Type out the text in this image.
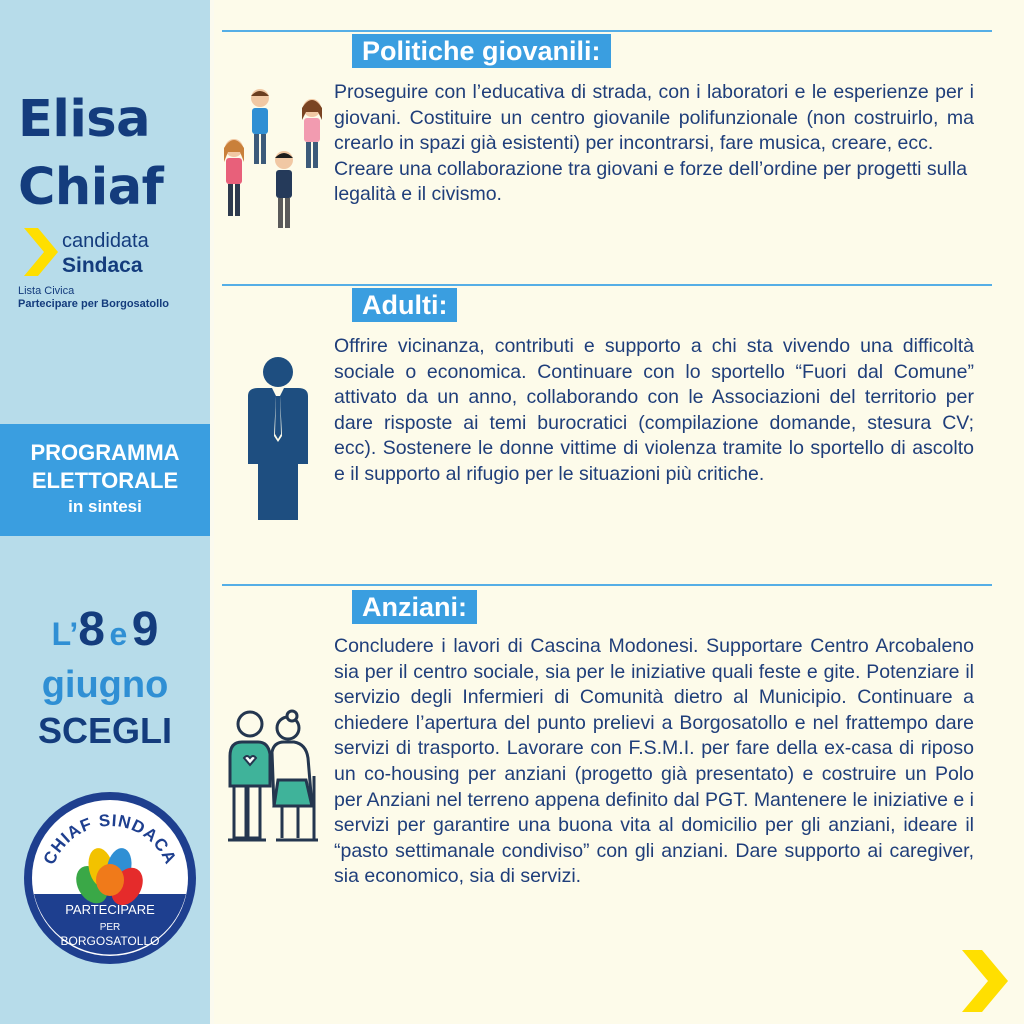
Elisa
Chiaf
candidata
Sindaca
Lista Civica
Partecipare per Borgosatollo
PROGRAMMA
ELETTORALE
in sintesi
L’8 e 9
giugno
SCEGLI
CHIAF SINDACA
PARTECIPARE
PER
BORGOSATOLLO
Politiche giovanili:

Proseguire con l’educativa di strada, con i laboratori e le esperienze per i giovani. Costituire un centro giovanile polifunzionale (non costruirlo, ma crearlo in spazi già esistenti) per incontrarsi, fare musica, creare, ecc.

Creare una collaborazione tra giovani e forze dell’ordine per progetti sulla legalità e il civismo.

Adulti:

Offrire vicinanza, contributi e supporto a chi sta vivendo una difficoltà sociale o economica. Continuare con lo sportello “Fuori dal Comune” attivato da un anno, collaborando con le Associazioni del territorio per dare risposte ai temi burocratici (compilazione domande, stesura CV; ecc). Sostenere le donne vittime di violenza tramite lo sportello di ascolto e il supporto al rifugio per le situazioni più critiche.

Anziani:

Concludere i lavori di Cascina Modonesi. Supportare Centro Arcobaleno sia per il centro sociale, sia per le iniziative quali feste e gite. Potenziare il servizio degli Infermieri di Comunità dietro al Municipio. Continuare a chiedere l’apertura del punto prelievi a Borgosatollo e nel frattempo dare servizi di trasporto. Lavorare con F.S.M.I. per fare della ex-casa di riposo un co-housing per anziani (progetto già presentato) e costruire un Polo per Anziani nel terreno appena definito dal PGT. Mantenere le iniziative e i servizi per garantire una buona vita al domicilio per gli anziani, ideare il “pasto settimanale condiviso” con gli anziani. Dare supporto ai caregiver, sia economico, sia di servizi.
